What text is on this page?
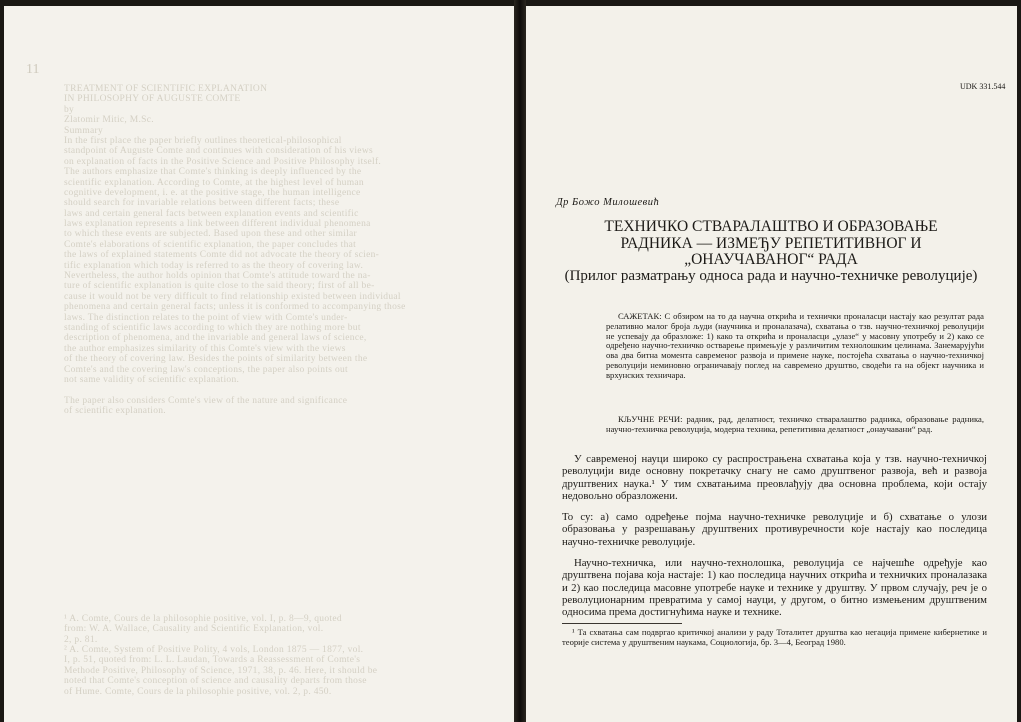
11
TREATMENT OF SCIENTIFIC EXPLANATION
IN PHILOSOPHY OF AUGUSTE COMTE
by
Zlatomir Mitic, M.Sc.
Summary
In the first place the paper briefly outlines theoretical-philosophical
standpoint of Auguste Comte and continues with consideration of his views
on explanation of facts in the Positive Science and Positive Philosophy itself.
The authors emphasize that Comte's thinking is deeply influenced by the
scientific explanation. According to Comte, at the highest level of human
cognitive development, i. e. at the positive stage, the human intelligence
should search for invariable relations between different facts; these
laws and certain general facts between explanation events and scientific
laws explanation represents a link between different individual phenomena
to which these events are subjected. Based upon these and other similar
Comte's elaborations of scientific explanation, the paper concludes that
the laws of explained statements Comte did not advocate the theory of scien-
tific explanation which today is referred to as the theory of covering law.
Nevertheless, the author holds opinion that Comte's attitude toward the na-
ture of scientific explanation is quite close to the said theory; first of all be-
cause it would not be very difficult to find relationship existed between individual
phenomena and certain general facts; unless it is conformed to accompanying those
laws. The distinction relates to the point of view with Comte's under-
standing of scientific laws according to which they are nothing more but
description of phenomena, and the invariable and general laws of science,
the author emphasizes similarity of this Comte's view with the views
of the theory of covering law. Besides the points of similarity between the
Comte's and the covering law's conceptions, the paper also points out
not same validity of scientific explanation.
The paper also considers Comte's view of the nature and significance
of scientific explanation.
¹ A. Comte, Cours de la philosophie positive, vol. I, p. 8—9, quoted
from: W. A. Wallace, Causality and Scientific Explanation, vol.
2, p. 81.
² A. Comte, System of Positive Polity, 4 vols, London 1875 — 1877, vol.
I, p. 51, quoted from: L. L. Laudan, Towards a Reassessment of Comte's
Methode Positive, Philosophy of Science, 1971, 38, p. 46. Here, it should be
noted that Comte's conception of science and causality departs from those
of Hume. Comte, Cours de la philosophie positive, vol. 2, p. 450.
UDK 331.544
Др Божо Милошевић
ТЕХНИЧКО СТВАРАЛАШТВО И ОБРАЗОВАЊЕ
РАДНИКА — ИЗМЕЂУ РЕПЕТИТИВНОГ И
„ОНАУЧАВАНОГ“ РАДА
(Прилог разматрању односа рада и научно-техничке револуције)

САЖЕТАК: С обзиром на то да научна открића и технички проналасци настају као резултат рада релативно малог броја људи (научника и проналазача), схватања о тзв. научно-техничкој револуцији не успевају да образложе: 1) како та открића и проналасци „улазе“ у масовну употребу и 2) како се одређено научно-техничко остварење примењује у различитим технолошким целинама. Занемарујући ова два битна момента савременог развоја и примене науке, постојећа схватања о научно-техничкој револуцији неминовно ограничавају поглед на савремено друштво, сводећи га на објект научника и врхунских техничара.

КЉУЧНЕ РЕЧИ: радник, рад, делатност, техничко стваралаштво радника, образовање радника, научно-техничка револуција, модерна техника, репетитивна делатност „онаучавани“ рад.

У савременој науци широко су распрострањена схватања која у тзв. научно-техничкој револуцији виде основну покретачку снагу не само друштвеног развоја, већ и развоја друштвених наука.¹ У тим схватањима преовлађују два основна проблема, који остају недовољно образложени.

То су: а) само одређење појма научно-техничке револуције и б) схватање о улози образовања у разрешавању друштвених противуречности које настају као последица научно-техничке револуције.

Научно-техничка, или научно-технолошка, револуција се најчешће одређује као друштвена појава која настаје: 1) као последица научних открића и техничких проналазака и 2) као последица масовне употребе науке и технике у друштву. У првом случају, реч је о револуционарним превратима у самој науци, у другом, о битно измењеним друштвеним односима према достигнућима науке и технике.

¹ Та схватања сам подвргао критичкој анализи у раду Тоталитет друштва као негација примене кибернетике и теорије система у друштвеним наукама, Социологија, бр. 3—4, Београд 1980.
